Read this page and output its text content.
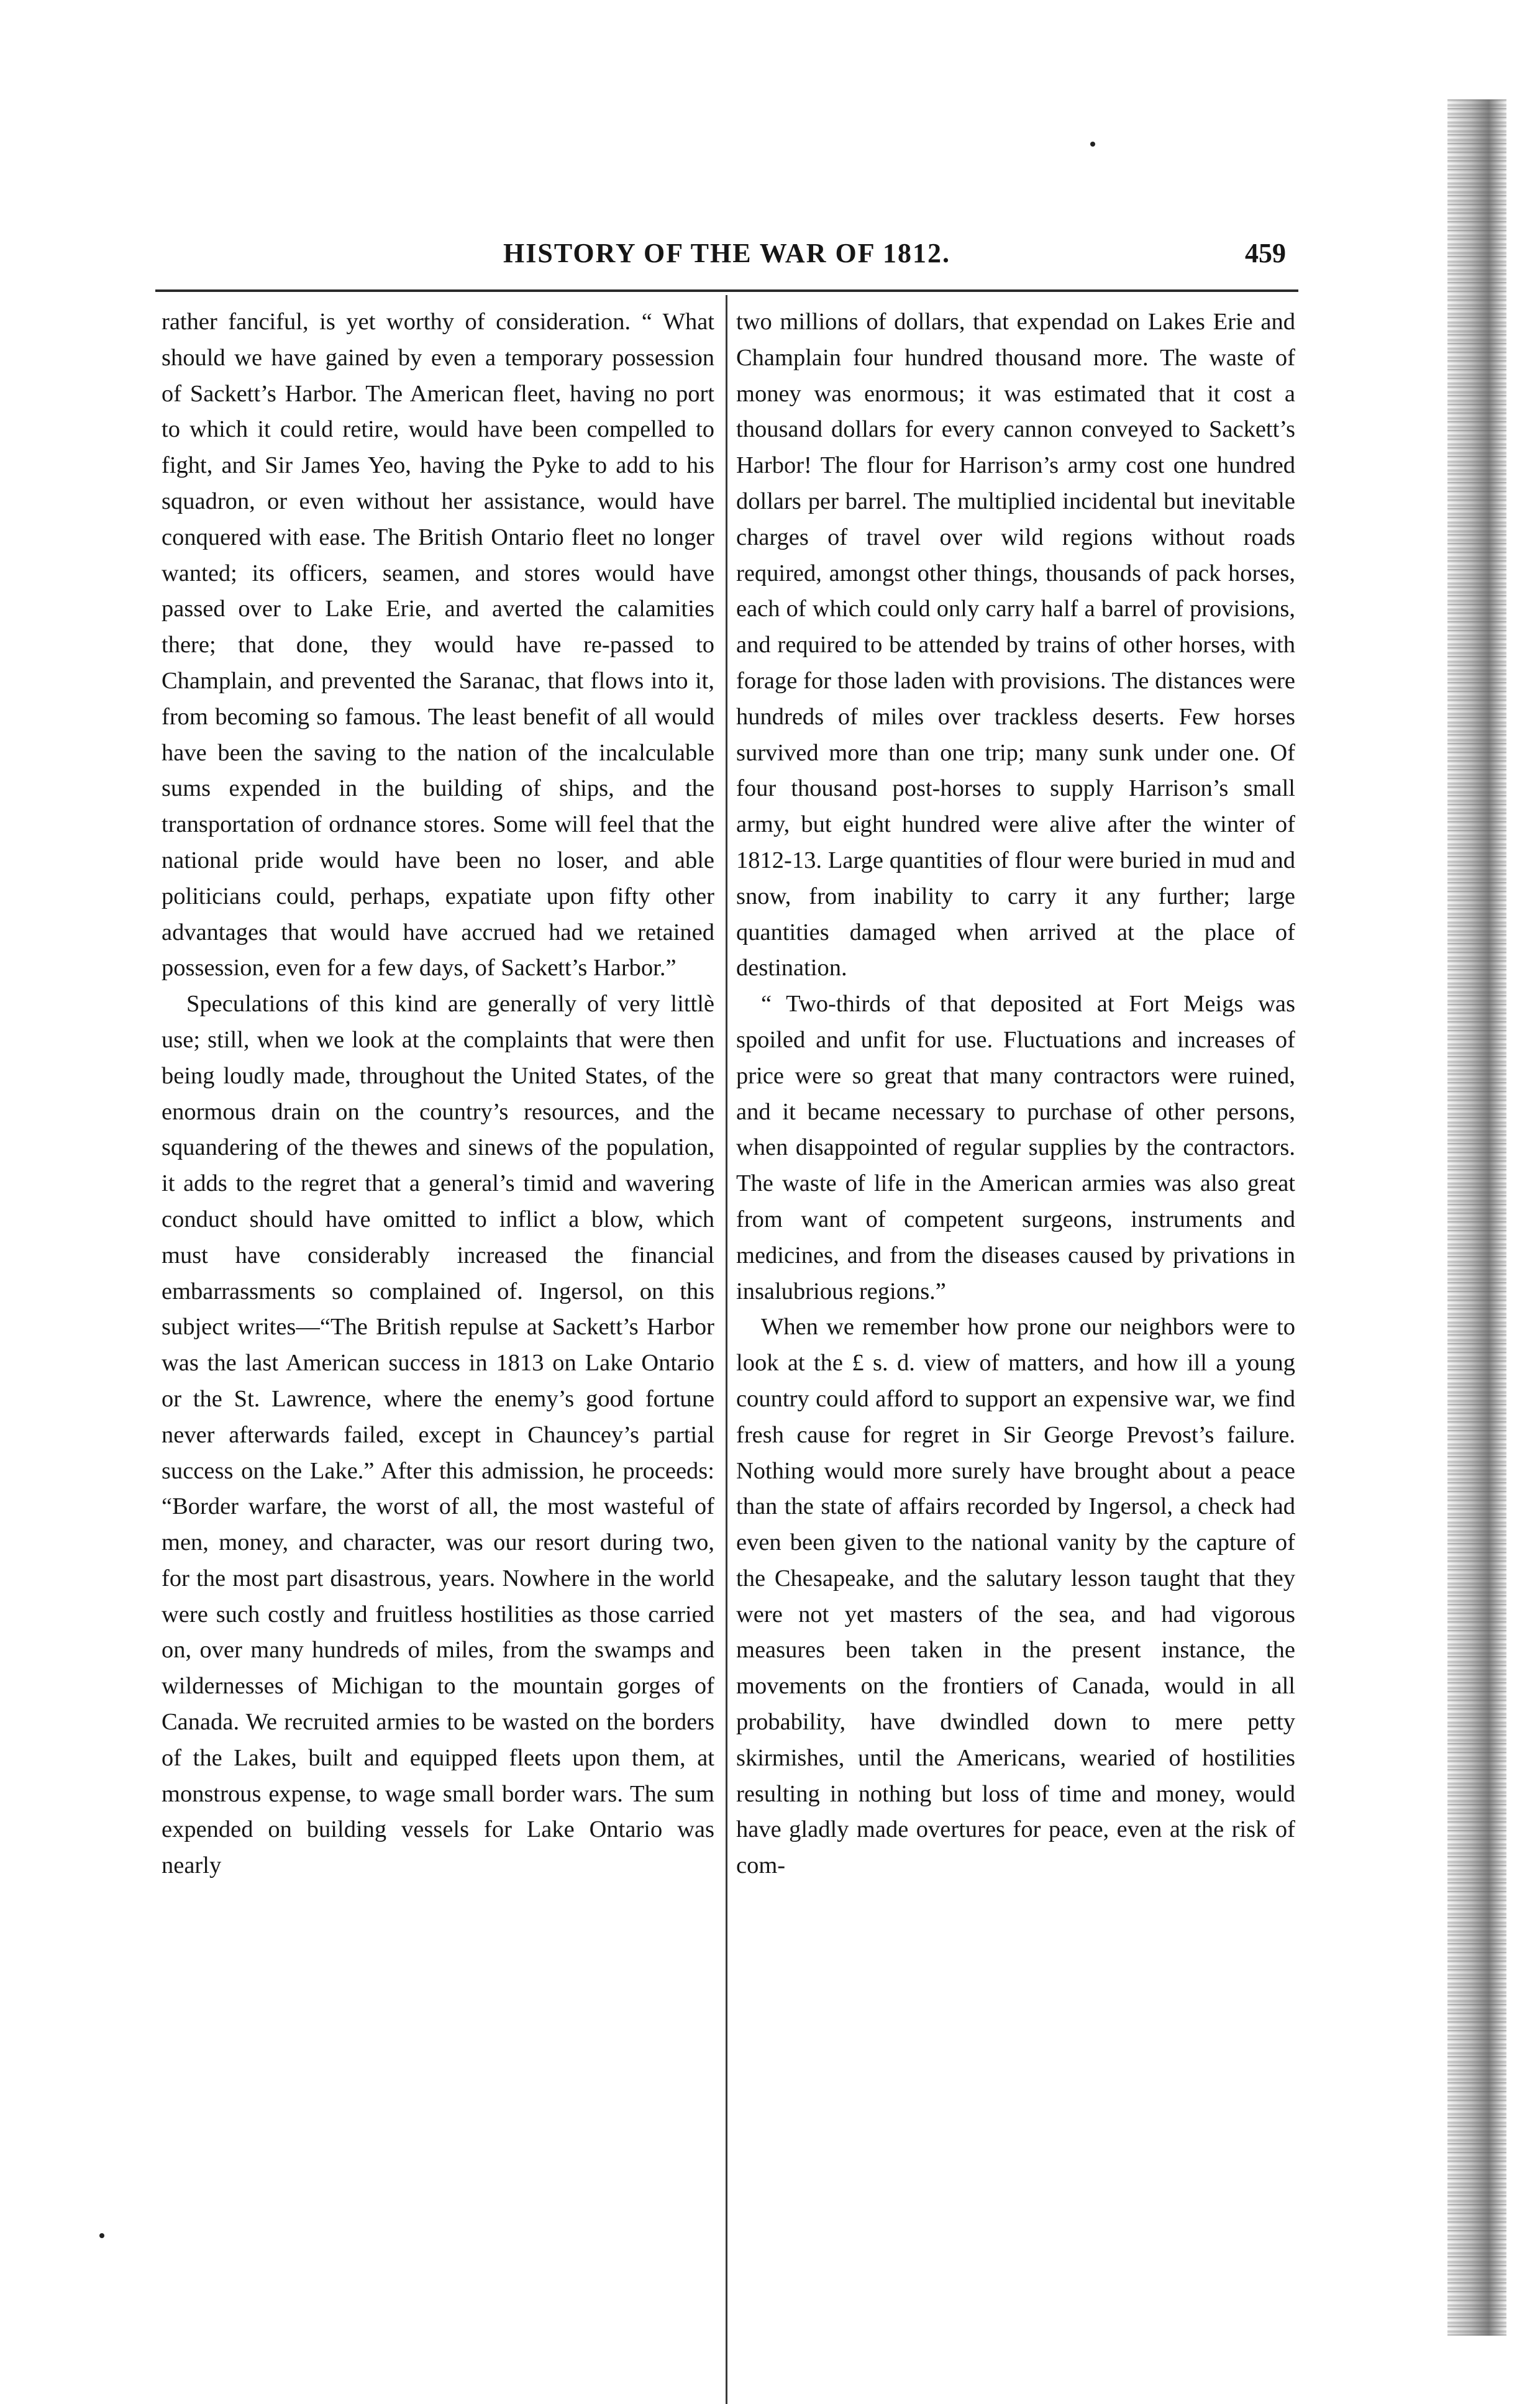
HISTORY OF THE WAR OF 1812.	459

rather fanciful, is yet worthy of consideration. “ What should we have gained by even a temporary possession of Sackett’s Harbor. The American fleet, having no port to which it could retire, would have been compelled to fight, and Sir James Yeo, having the Pyke to add to his squadron, or even without her assistance, would have conquered with ease. The British Ontario fleet no longer wanted; its officers, seamen, and stores would have passed over to Lake Erie, and averted the calamities there; that done, they would have re-passed to Champlain, and prevented the Saranac, that flows into it, from becoming so famous. The least benefit of all would have been the saving to the nation of the incalculable sums expended in the building of ships, and the transportation of ordnance stores. Some will feel that the national pride would have been no loser, and able politicians could, perhaps, expatiate upon fifty other advantages that would have accrued had we retained possession, even for a few days, of Sackett’s Harbor.”

Speculations of this kind are generally of very littlè use; still, when we look at the complaints that were then being loudly made, throughout the United States, of the enormous drain on the country’s resources, and the squandering of the thewes and sinews of the population, it adds to the regret that a general’s timid and wavering conduct should have omitted to inflict a blow, which must have considerably increased the financial embarrassments so complained of. Ingersol, on this subject writes—“The British repulse at Sackett’s Harbor was the last American success in 1813 on Lake Ontario or the St. Lawrence, where the enemy’s good fortune never afterwards failed, except in Chauncey’s partial success on the Lake.” After this admission, he proceeds: “Border warfare, the worst of all, the most wasteful of men, money, and character, was our resort during two, for the most part disastrous, years. Nowhere in the world were such costly and fruitless hostilities as those carried on, over many hundreds of miles, from the swamps and wildernesses of Michigan to the mountain gorges of Canada. We recruited armies to be wasted on the borders of the Lakes, built and equipped fleets upon them, at monstrous expense, to wage small border wars. The sum expended on building vessels for Lake Ontario was nearly

two millions of dollars, that expendad on Lakes Erie and Champlain four hundred thousand more. The waste of money was enormous; it was estimated that it cost a thousand dollars for every cannon conveyed to Sackett’s Harbor! The flour for Harrison’s army cost one hundred dollars per barrel. The multiplied incidental but inevitable charges of travel over wild regions without roads required, amongst other things, thousands of pack horses, each of which could only carry half a barrel of provisions, and required to be attended by trains of other horses, with forage for those laden with provisions. The distances were hundreds of miles over trackless deserts. Few horses survived more than one trip; many sunk under one. Of four thousand post-horses to supply Harrison’s small army, but eight hundred were alive after the winter of 1812-13. Large quantities of flour were buried in mud and snow, from inability to carry it any further; large quantities damaged when arrived at the place of destination.

“ Two-thirds of that deposited at Fort Meigs was spoiled and unfit for use. Fluctuations and increases of price were so great that many contractors were ruined, and it became necessary to purchase of other persons, when disappointed of regular supplies by the contractors. The waste of life in the American armies was also great from want of competent surgeons, instruments and medicines, and from the diseases caused by privations in insalubrious regions.”

When we remember how prone our neighbors were to look at the £ s. d. view of matters, and how ill a young country could afford to support an expensive war, we find fresh cause for regret in Sir George Prevost’s failure. Nothing would more surely have brought about a peace than the state of affairs recorded by Ingersol, a check had even been given to the national vanity by the capture of the Chesapeake, and the salutary lesson taught that they were not yet masters of the sea, and had vigorous measures been taken in the present instance, the movements on the frontiers of Canada, would in all probability, have dwindled down to mere petty skirmishes, until the Americans, wearied of hostilities resulting in nothing but loss of time and money, would have gladly made overtures for peace, even at the risk of com-
